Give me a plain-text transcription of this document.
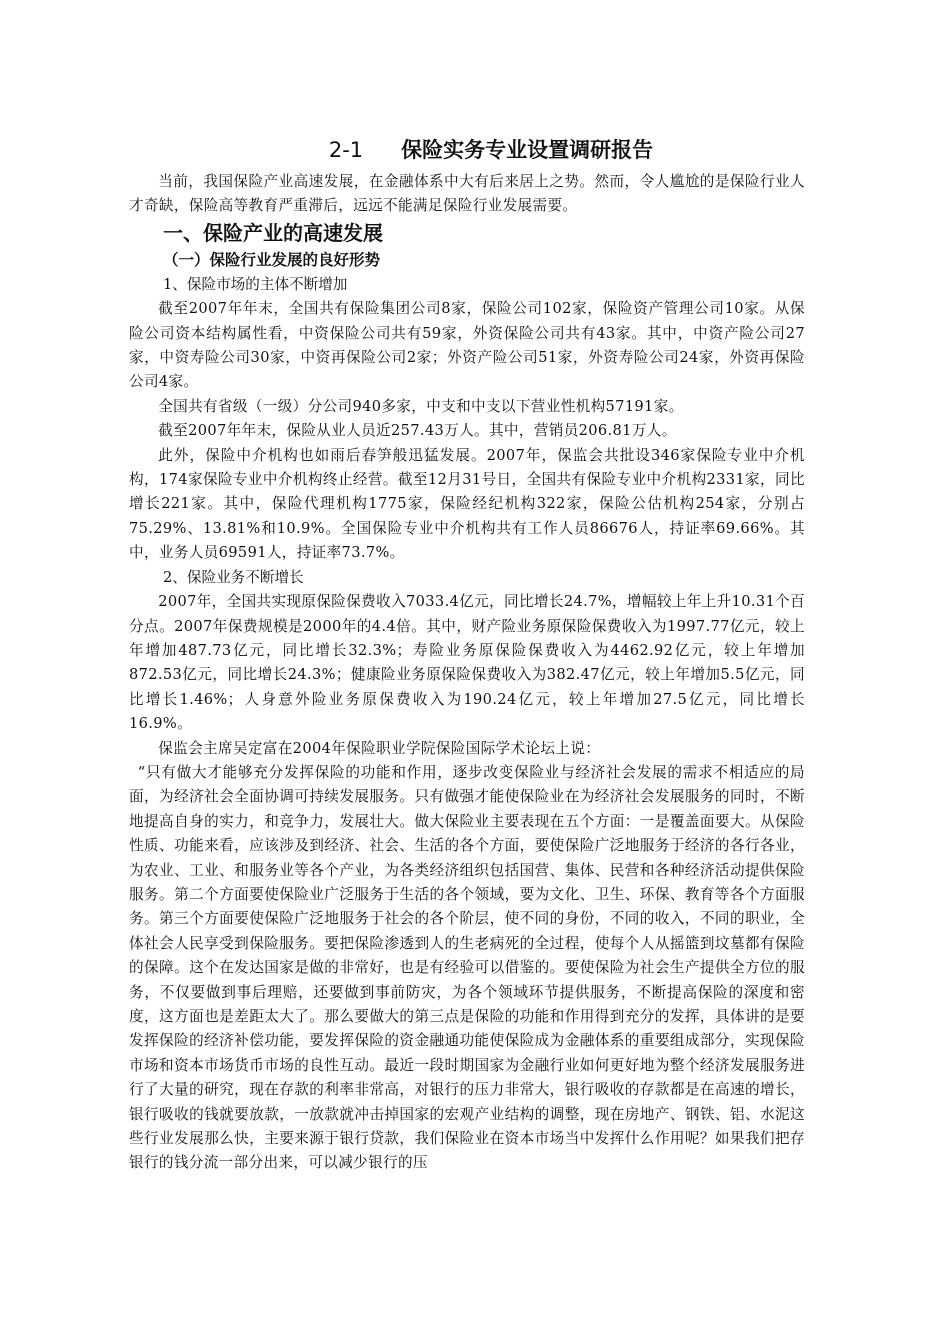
2-1 保险实务专业设置调研报告

当前，我国保险产业高速发展，在金融体系中大有后来居上之势。然而，令人尴尬的是保险行业人才奇缺，保险高等教育严重滞后，远远不能满足保险行业发展需要。

一、保险产业的高速发展
（一）保险行业发展的良好形势
1、保险市场的主体不断增加

截至2007年年末，全国共有保险集团公司8家，保险公司102家，保险资产管理公司10家。从保险公司资本结构属性看，中资保险公司共有59家，外资保险公司共有43家。其中，中资产险公司27家，中资寿险公司30家，中资再保险公司2家；外资产险公司51家，外资寿险公司24家，外资再保险公司4家。

全国共有省级（一级）分公司940多家，中支和中支以下营业性机构57191家。

截至2007年年末，保险从业人员近257.43万人。其中，营销员206.81万人。

此外，保险中介机构也如雨后春笋般迅猛发展。2007年，保监会共批设346家保险专业中介机构，174家保险专业中介机构终止经营。截至12月31号日，全国共有保险专业中介机构2331家，同比增长221家。其中，保险代理机构1775家，保险经纪机构322家，保险公估机构254家，分别占75.29%、13.81%和10.9%。全国保险专业中介机构共有工作人员86676人，持证率69.66%。其中，业务人员69591人，持证率73.7%。

2、保险业务不断增长

2007年，全国共实现原保险保费收入7033.4亿元，同比增长24.7%，增幅较上年上升10.31个百分点。2007年保费规模是2000年的4.4倍。其中，财产险业务原保险保费收入为1997.77亿元，较上年增加487.73亿元，同比增长32.3%；寿险业务原保险保费收入为4462.92亿元，较上年增加872.53亿元，同比增长24.3%；健康险业务原保险保费收入为382.47亿元，较上年增加5.5亿元，同比增长1.46%；人身意外险业务原保费收入为190.24亿元，较上年增加27.5亿元，同比增长16.9%。

保监会主席吴定富在2004年保险职业学院保险国际学术论坛上说：

“只有做大才能够充分发挥保险的功能和作用，逐步改变保险业与经济社会发展的需求不相适应的局面，为经济社会全面协调可持续发展服务。只有做强才能使保险业在为经济社会发展服务的同时，不断地提高自身的实力，和竞争力，发展壮大。做大保险业主要表现在五个方面：一是覆盖面要大。从保险性质、功能来看，应该涉及到经济、社会、生活的各个方面，要使保险广泛地服务于经济的各行各业，为农业、工业、和服务业等各个产业，为各类经济组织包括国营、集体、民营和各种经济活动提供保险服务。第二个方面要使保险业广泛服务于生活的各个领域，要为文化、卫生、环保、教育等各个方面服务。第三个方面要使保险广泛地服务于社会的各个阶层，使不同的身份，不同的收入，不同的职业，全体社会人民享受到保险服务。要把保险渗透到人的生老病死的全过程，使每个人从摇篮到坟墓都有保险的保障。这个在发达国家是做的非常好，也是有经验可以借鉴的。要使保险为社会生产提供全方位的服务，不仅要做到事后理赔，还要做到事前防灾，为各个领域环节提供服务，不断提高保险的深度和密度，这方面也是差距太大了。那么要做大的第三点是保险的功能和作用得到充分的发挥，具体讲的是要发挥保险的经济补偿功能，要发挥保险的资金融通功能使保险成为金融体系的重要组成部分，实现保险市场和资本市场货币市场的良性互动。最近一段时期国家为金融行业如何更好地为整个经济发展服务进行了大量的研究，现在存款的利率非常高，对银行的压力非常大，银行吸收的存款都是在高速的增长，银行吸收的钱就要放款，一放款就冲击掉国家的宏观产业结构的调整，现在房地产、钢铁、铝、水泥这些行业发展那么快，主要来源于银行贷款，我们保险业在资本市场当中发挥什么作用呢？如果我们把存银行的钱分流一部分出来，可以减少银行的压
